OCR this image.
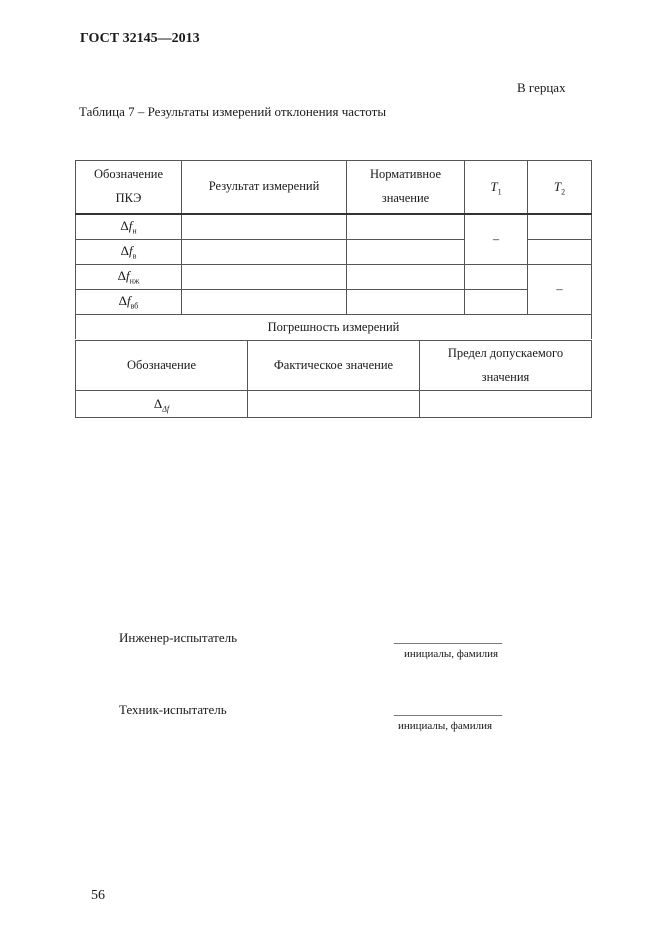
ГОСТ 32145—2013
В герцах
Таблица 7 – Результаты измерений отклонения частоты
Обозначение ПКЭ	Результат измерений	Нормативное значение	$T_1$	$T_2$
$\Delta f_н$			–	
$\Delta f_в$			
$\Delta f_{нж}$				–
$\Delta f_{вб}$			
Погрешность измерений				
Обозначение	Фактическое значение	Предел допускаемого значения
$\Delta_{\Delta f}$		
Инженер-испытатель	__________________
инициалы, фамилия
Техник-испытатель	__________________
инициалы, фамилия
56
